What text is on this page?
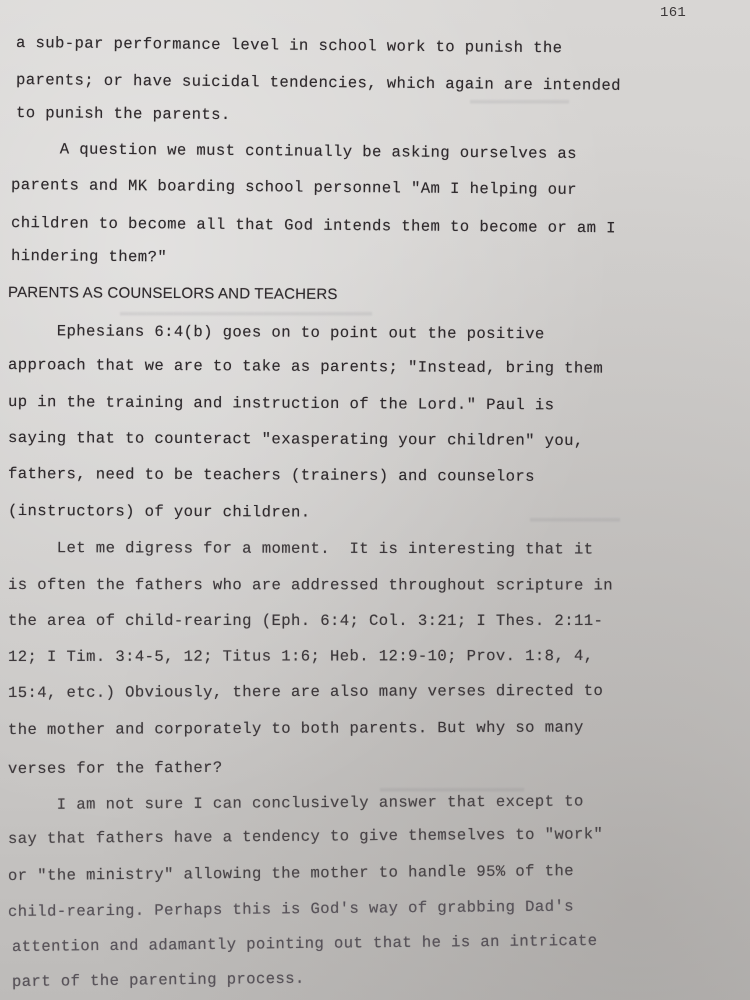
▬▬▬▬▬▬▬▬▬▬▬
▬▬▬▬▬▬▬▬▬▬▬▬▬▬▬▬▬▬▬▬▬▬▬▬▬▬▬▬
▬▬▬▬▬▬▬▬▬▬
▬▬▬▬▬▬▬▬▬▬▬▬▬▬▬▬
161
a sub-par performance level in school work to punish the
parents; or have suicidal tendencies, which again are intended
to punish the parents.
A question we must continually be asking ourselves as
parents and MK boarding school personnel "Am I helping our
children to become all that God intends them to become or am I
hindering them?"
PARENTS AS COUNSELORS AND TEACHERS
Ephesians 6:4(b) goes on to point out the positive
approach that we are to take as parents; "Instead, bring them
up in the training and instruction of the Lord." Paul is
saying that to counteract "exasperating your children" you,
fathers, need to be teachers (trainers) and counselors
(instructors) of your children.
Let me digress for a moment.  It is interesting that it
is often the fathers who are addressed throughout scripture in
the area of child-rearing (Eph. 6:4; Col. 3:21; I Thes. 2:11-
12; I Tim. 3:4-5, 12; Titus 1:6; Heb. 12:9-10; Prov. 1:8, 4,
15:4, etc.) Obviously, there are also many verses directed to
the mother and corporately to both parents. But why so many
verses for the father?
I am not sure I can conclusively answer that except to
say that fathers have a tendency to give themselves to "work"
or "the ministry" allowing the mother to handle 95% of the
child-rearing. Perhaps this is God's way of grabbing Dad's
attention and adamantly pointing out that he is an intricate
part of the parenting process.
